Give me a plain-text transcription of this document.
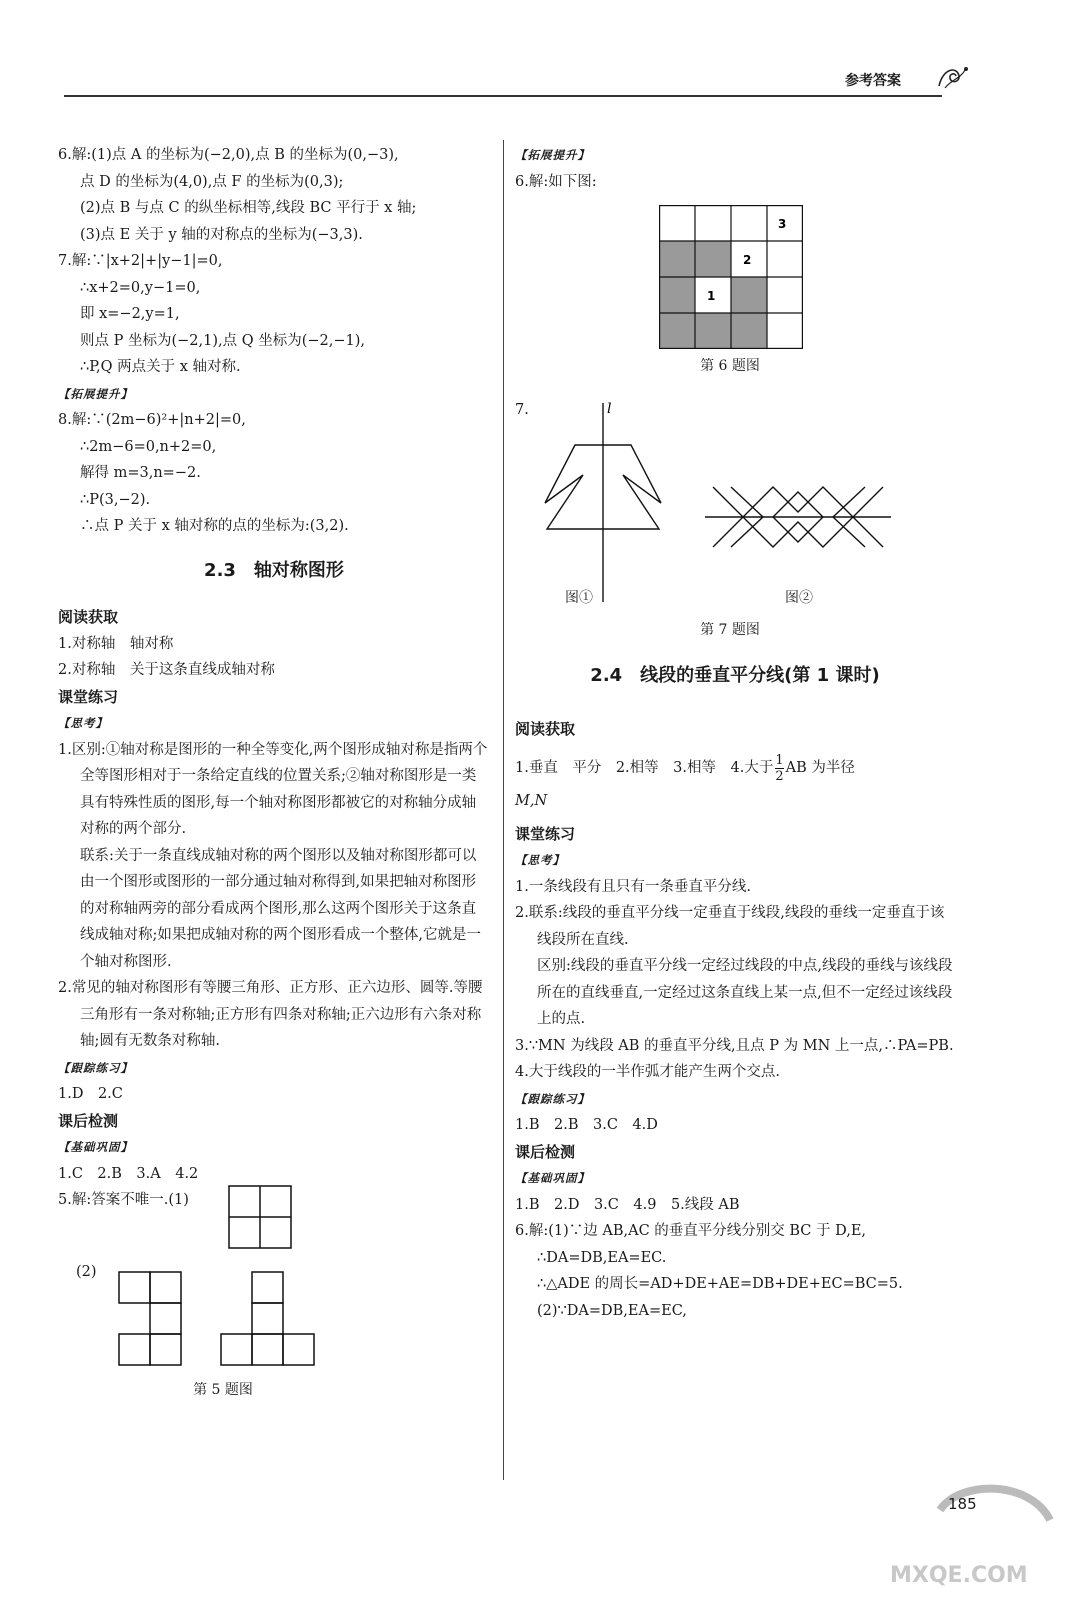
参考答案
6.解:(1)点 A 的坐标为(−2,0),点 B 的坐标为(0,−3),
点 D 的坐标为(4,0),点 F 的坐标为(0,3);
(2)点 B 与点 C 的纵坐标相等,线段 BC 平行于 x 轴;
(3)点 E 关于 y 轴的对称点的坐标为(−3,3).
7.解:∵|x+2|+|y−1|=0,
∴x+2=0,y−1=0,
即 x=−2,y=1,
则点 P 坐标为(−2,1),点 Q 坐标为(−2,−1),
∴P,Q 两点关于 x 轴对称.
【拓展提升】
8.解:∵(2m−6)²+|n+2|=0,
∴2m−6=0,n+2=0,
解得 m=3,n=−2.
∴P(3,−2).
∴点 P 关于 x 轴对称的点的坐标为:(3,2).
2.3　轴对称图形
阅读获取
1.对称轴　轴对称
2.对称轴　关于这条直线成轴对称
课堂练习
【思考】
1.区别:①轴对称是图形的一种全等变化,两个图形成轴对称是指两个全等图形相对于一条给定直线的位置关系;②轴对称图形是一类具有特殊性质的图形,每一个轴对称图形都被它的对称轴分成轴对称的两个部分.
联系:关于一条直线成轴对称的两个图形以及轴对称图形都可以由一个图形或图形的一部分通过轴对称得到,如果把轴对称图形的对称轴两旁的部分看成两个图形,那么这两个图形关于这条直线成轴对称;如果把成轴对称的两个图形看成一个整体,它就是一个轴对称图形.
2.常见的轴对称图形有等腰三角形、正方形、正六边形、圆等.等腰三角形有一条对称轴;正方形有四条对称轴;正六边形有六条对称轴;圆有无数条对称轴.
【跟踪练习】
1.D　2.C
课后检测
【基础巩固】
1.C　2.B　3.A　4.2
5.解:答案不唯一.(1)
(2)
第 5 题图
【拓展提升】
6.解:如下图:
3
2
1
第 6 题图
7.	l
图①	图②
第 7 题图
2.4　线段的垂直平分线(第 1 课时)
阅读获取
1.垂直　平分　2.相等　3.相等　4.大于 $\frac{1}{2}$ AB 为半径
M,N
课堂练习
【思考】
1.一条线段有且只有一条垂直平分线.
2.联系:线段的垂直平分线一定垂直于线段,线段的垂线一定垂直于该线段所在直线.
区别:线段的垂直平分线一定经过线段的中点,线段的垂线与该线段所在的直线垂直,一定经过这条直线上某一点,但不一定经过该线段上的点.
3.∵MN 为线段 AB 的垂直平分线,且点 P 为 MN 上一点,∴PA=PB.
4.大于线段的一半作弧才能产生两个交点.
【跟踪练习】
1.B　2.B　3.C　4.D
课后检测
【基础巩固】
1.B　2.D　3.C　4.9　5.线段 AB
6.解:(1)∵边 AB,AC 的垂直平分线分别交 BC 于 D,E,
∴DA=DB,EA=EC.
∴△ADE 的周长=AD+DE+AE=DB+DE+EC=BC=5.
(2)∵DA=DB,EA=EC,
MXQE.COM
185
